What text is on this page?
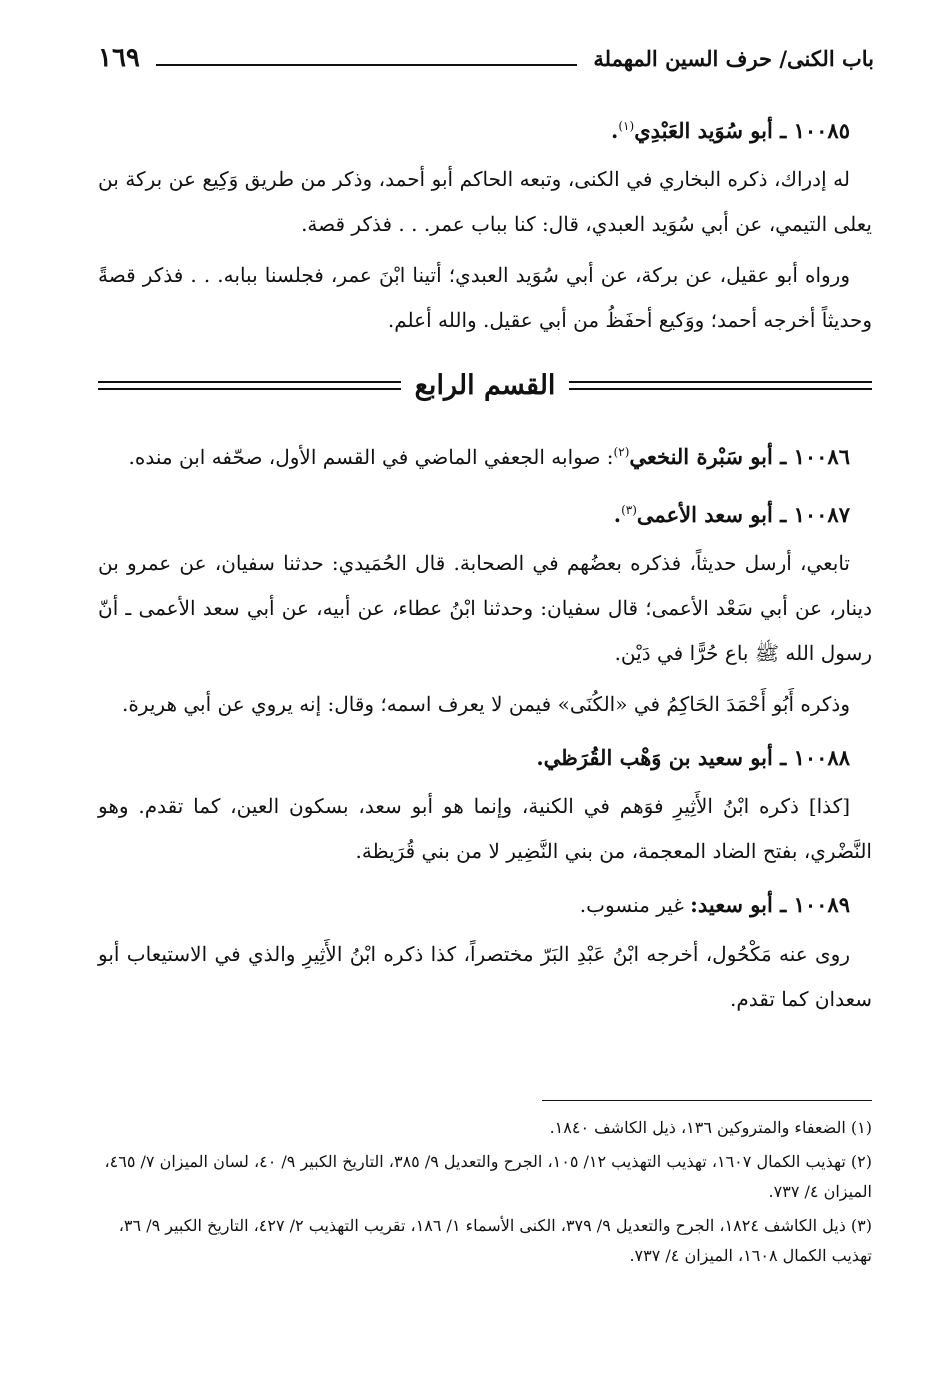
باب الكنى/ حرف السين المهملة
١٦٩
١٠٠٨٥ ـ أبو سُوَيد العَبْدِي$^{(١)}$.

له إدراك، ذكره البخاري في الكنى، وتبعه الحاكم أبو أحمد، وذكر من طريق وَكِيع عن بركة بن يعلى التيمي، عن أبي سُوَيد العبدي، قال: كنا بباب عمر. . . فذكر قصة.

ورواه أبو عقيل، عن بركة، عن أبي سُوَيد العبدي؛ أتينا ابْنَ عمر، فجلسنا ببابه. . . فذكر قصةً وحديثاً أخرجه أحمد؛ ووَكيع أحفَظُ من أبي عقيل. والله أعلم.

القسم الرابع
١٠٠٨٦ ـ أبو سَبْرة النخعي$^{(٢)}$: صوابه الجعفي الماضي في القسم الأول، صحّفه ابن منده.
١٠٠٨٧ ـ أبو سعد الأعمى$^{(٣)}$.

تابعي، أرسل حديثاً، فذكره بعضُهم في الصحابة. قال الحُمَيدي: حدثنا سفيان، عن عمرو بن دينار، عن أبي سَعْد الأعمى؛ قال سفيان: وحدثنا ابْنُ عطاء، عن أبيه، عن أبي سعد الأعمى ـ أنّ رسول الله ﷺ باع حُرًّا في دَيْن.

وذكره أَبُو أَحْمَدَ الحَاكِمُ في «الكُنَى» فيمن لا يعرف اسمه؛ وقال: إنه يروي عن أبي هريرة.

١٠٠٨٨ ـ أبو سعيد بن وَهْب القُرَظي.

[كذا] ذكره ابْنُ الأَثِيرِ فوَهم في الكنية، وإنما هو أبو سعد، بسكون العين، كما تقدم. وهو النَّضْري، بفتح الضاد المعجمة، من بني النَّضِير لا من بني قُرَيظة.

١٠٠٨٩ ـ أبو سعيد: غير منسوب.

روى عنه مَكْحُول، أخرجه ابْنُ عَبْدِ البَرّ مختصراً، كذا ذكره ابْنُ الأَثِيرِ والذي في الاستيعاب أبو سعدان كما تقدم.

(١) الضعفاء والمتروكين ١٣٦، ذيل الكاشف ١٨٤٠.

(٢) تهذيب الكمال ١٦٠٧، تهذيب التهذيب ١٢/ ١٠٥، الجرح والتعديل ٩/ ٣٨٥، التاريخ الكبير ٩/ ٤٠، لسان الميزان ٧/ ٤٦٥، الميزان ٤/ ٧٣٧.

(٣) ذيل الكاشف ١٨٢٤، الجرح والتعديل ٩/ ٣٧٩، الكنى الأسماء ١/ ١٨٦، تقريب التهذيب ٢/ ٤٢٧، التاريخ الكبير ٩/ ٣٦، تهذيب الكمال ١٦٠٨، الميزان ٤/ ٧٣٧.
